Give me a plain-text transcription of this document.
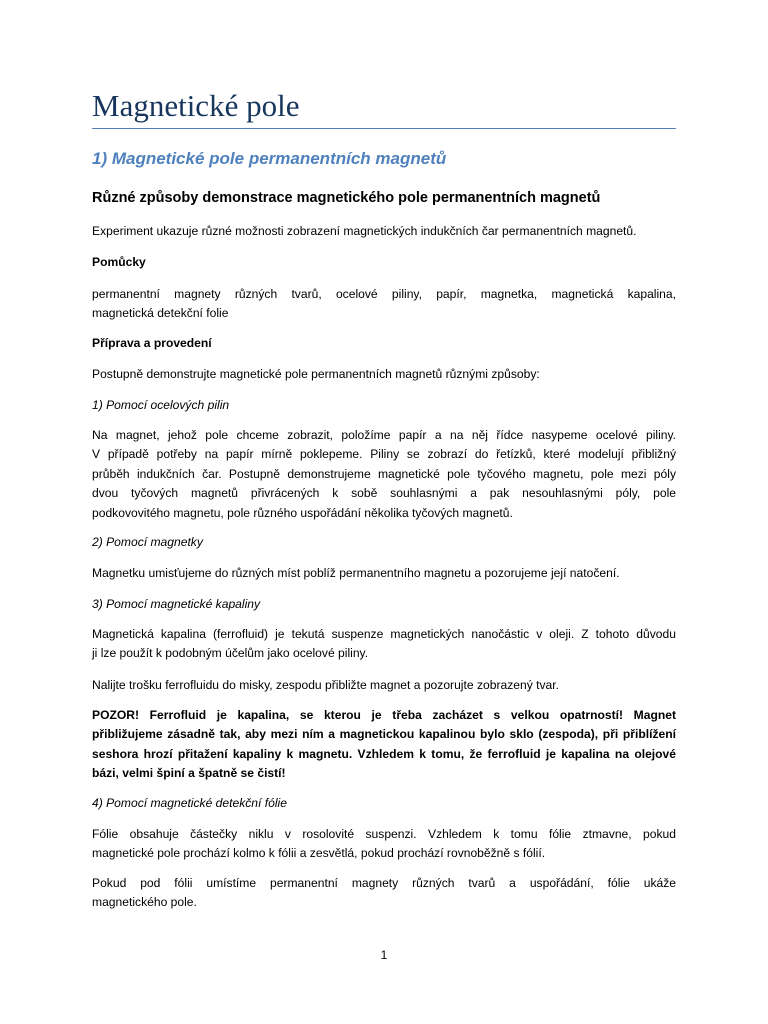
Magnetické pole
1) Magnetické pole permanentních magnetů
Různé způsoby demonstrace magnetického pole permanentních magnetů

Experiment ukazuje různé možnosti zobrazení magnetických indukčních čar permanentních magnetů.

Pomůcky

permanentní magnety různých tvarů, ocelové piliny, papír, magnetka, magnetická kapalina,
magnetická detekční folie

Příprava a provedení

Postupně demonstrujte magnetické pole permanentních magnetů různými způsoby:

1) Pomocí ocelových pilin

Na magnet, jehož pole chceme zobrazit, položíme papír a na něj řídce nasypeme ocelové piliny.
V případě potřeby na papír mírně poklepeme. Piliny se zobrazí do řetízků, které modelují přibližný
průběh indukčních čar. Postupně demonstrujeme magnetické pole tyčového magnetu, pole mezi póly
dvou tyčových magnetů přivrácených k sobě souhlasnými a pak nesouhlasnými póly, pole
podkovovitého magnetu, pole různého uspořádání několika tyčových magnetů.

2) Pomocí magnetky

Magnetku umisťujeme do různých míst poblíž permanentního magnetu a pozorujeme její natočení.

3) Pomocí magnetické kapaliny

Magnetická kapalina (ferrofluid) je tekutá suspenze magnetických nanočástic v oleji. Z tohoto důvodu
ji lze použít k podobným účelům jako ocelové piliny.

Nalijte trošku ferrofluidu do misky, zespodu přibližte magnet a pozorujte zobrazený tvar.

POZOR! Ferrofluid je kapalina, se kterou je třeba zacházet s velkou opatrností! Magnet
přibližujeme zásadně tak, aby mezi ním a magnetickou kapalinou bylo sklo (zespoda), při přiblížení
seshora hrozí přitažení kapaliny k magnetu. Vzhledem k tomu, že ferrofluid je kapalina na olejové
bázi, velmi špiní a špatně se čistí!

4) Pomocí magnetické detekční fólie

Fólie obsahuje částečky niklu v rosolovité suspenzi. Vzhledem k tomu fólie ztmavne, pokud
magnetické pole prochází kolmo k fólii a zesvětlá, pokud prochází rovnoběžně s fólií.

Pokud pod fólii umístíme permanentní magnety různých tvarů a uspořádání, fólie ukáže
magnetického pole.

1
